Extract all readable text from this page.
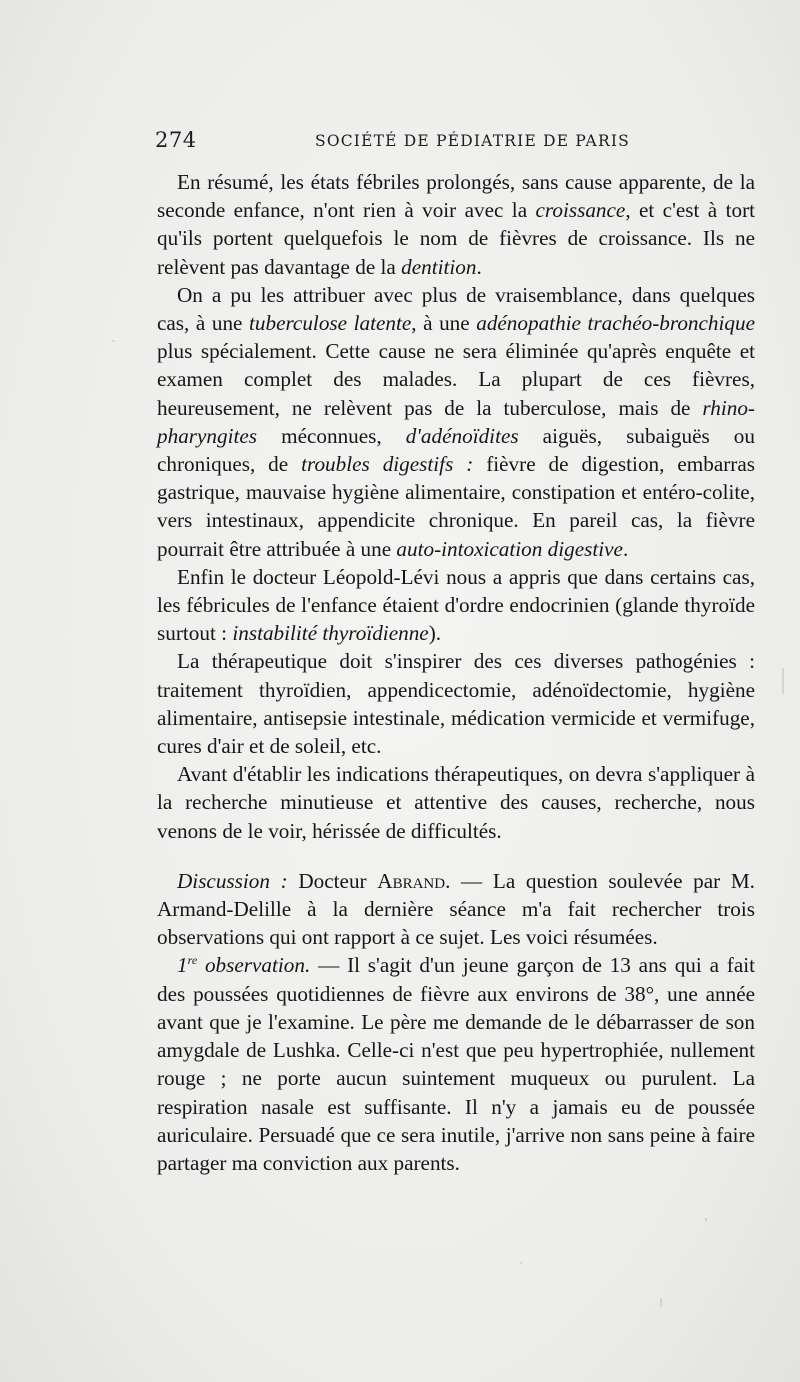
274	SOCIÉTÉ DE PÉDIATRIE DE PARIS

En résumé, les états fébriles prolongés, sans cause apparente, de la seconde enfance, n'ont rien à voir avec la croissance, et c'est à tort qu'ils portent quelquefois le nom de fièvres de croissance. Ils ne relèvent pas davantage de la dentition.

On a pu les attribuer avec plus de vraisemblance, dans quelques cas, à une tuberculose latente, à une adénopathie trachéo-bronchique plus spécialement. Cette cause ne sera éliminée qu'après enquête et examen complet des malades. La plupart de ces fièvres, heureusement, ne relèvent pas de la tuberculose, mais de rhino-pharyngites méconnues, d'adénoïdites aiguës, subaiguës ou chroniques, de troubles digestifs : fièvre de digestion, embarras gastrique, mauvaise hygiène alimentaire, constipation et entéro-colite, vers intestinaux, appendicite chronique. En pareil cas, la fièvre pourrait être attribuée à une auto-intoxication digestive.

Enfin le docteur Léopold-Lévi nous a appris que dans certains cas, les fébricules de l'enfance étaient d'ordre endocrinien (glande thyroïde surtout : instabilité thyroïdienne).

La thérapeutique doit s'inspirer des ces diverses pathogénies : traitement thyroïdien, appendicectomie, adénoïdectomie, hygiène alimentaire, antisepsie intestinale, médication vermicide et vermifuge, cures d'air et de soleil, etc.

Avant d'établir les indications thérapeutiques, on devra s'appliquer à la recherche minutieuse et attentive des causes, recherche, nous venons de le voir, hérissée de difficultés.

Discussion : Docteur Abrand. — La question soulevée par M. Armand-Delille à la dernière séance m'a fait rechercher trois observations qui ont rapport à ce sujet. Les voici résumées.

1re observation. — Il s'agit d'un jeune garçon de 13 ans qui a fait des poussées quotidiennes de fièvre aux environs de 38°, une année avant que je l'examine. Le père me demande de le débarrasser de son amygdale de Lushka. Celle-ci n'est que peu hypertrophiée, nullement rouge ; ne porte aucun suintement muqueux ou purulent. La respiration nasale est suffisante. Il n'y a jamais eu de poussée auriculaire. Persuadé que ce sera inutile, j'arrive non sans peine à faire partager ma conviction aux parents.
